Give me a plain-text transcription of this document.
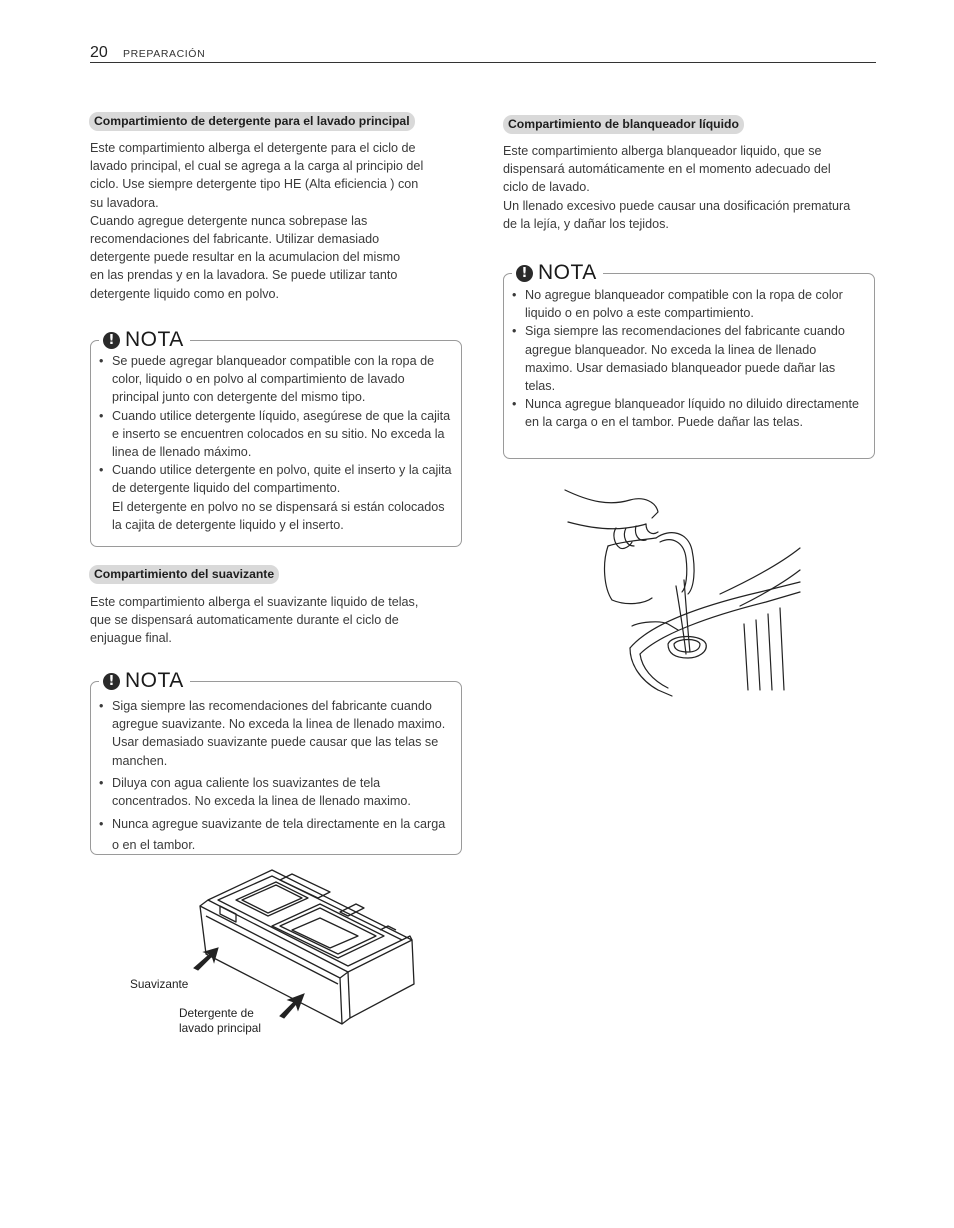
20 PREPARACIÓN
Compartimiento de detergente para el lavado principal

Este compartimiento alberga el detergente para el ciclo de

lavado principal, el cual se agrega a la carga al principio del

ciclo. Use siempre detergente tipo HE (Alta eficiencia ) con

su lavadora.

Cuando agregue detergente nunca sobrepase las

recomendaciones del fabricante. Utilizar demasiado

detergente puede resultar en la acumulacion del mismo

en las prendas y en la lavadora. Se puede utilizar tanto

detergente liquido como en polvo.

! NOTA
• Se puede agregar blanqueador compatible con la ropa de color, liquido o en polvo al compartimiento de lavado principal junto con detergente del mismo tipo.
• Cuando utilice detergente líquido, asegúrese de que la cajita e inserto se encuentren colocados en su sitio. No exceda la linea de llenado máximo.
• Cuando utilice detergente en polvo, quite el inserto y la cajita de detergente liquido del compartimento.
El detergente en polvo no se dispensará si están colocados la cajita de detergente liquido y el inserto.
Compartimiento del suavizante

Este compartimiento alberga el suavizante liquido de telas,

que se dispensará automaticamente durante el ciclo de

enjuague final.

! NOTA
• Siga siempre las recomendaciones del fabricante cuando agregue suavizante. No exceda la linea de llenado maximo. Usar demasiado suavizante puede causar que las telas se manchen.
• Diluya con agua caliente los suavizantes de tela concentrados. No exceda la linea de llenado maximo.
• Nunca agregue suavizante de tela directamente en la carga o en el tambor.
Suavizante
Detergente de
lavado principal
Compartimiento de blanqueador líquido

Este compartimiento alberga blanqueador liquido, que se

dispensará automáticamente en el momento adecuado del

ciclo de lavado.

Un llenado excesivo puede causar una dosificación prematura

de la lejía, y dañar los tejidos.

! NOTA
• No agregue blanqueador compatible con la ropa de color liquido o en polvo a este compartimiento.
• Siga siempre las recomendaciones del fabricante cuando agregue blanqueador. No exceda la linea de llenado maximo. Usar demasiado blanqueador puede dañar las telas.
• Nunca agregue blanqueador líquido no diluido directamente en la carga o en el tambor. Puede dañar las telas.
